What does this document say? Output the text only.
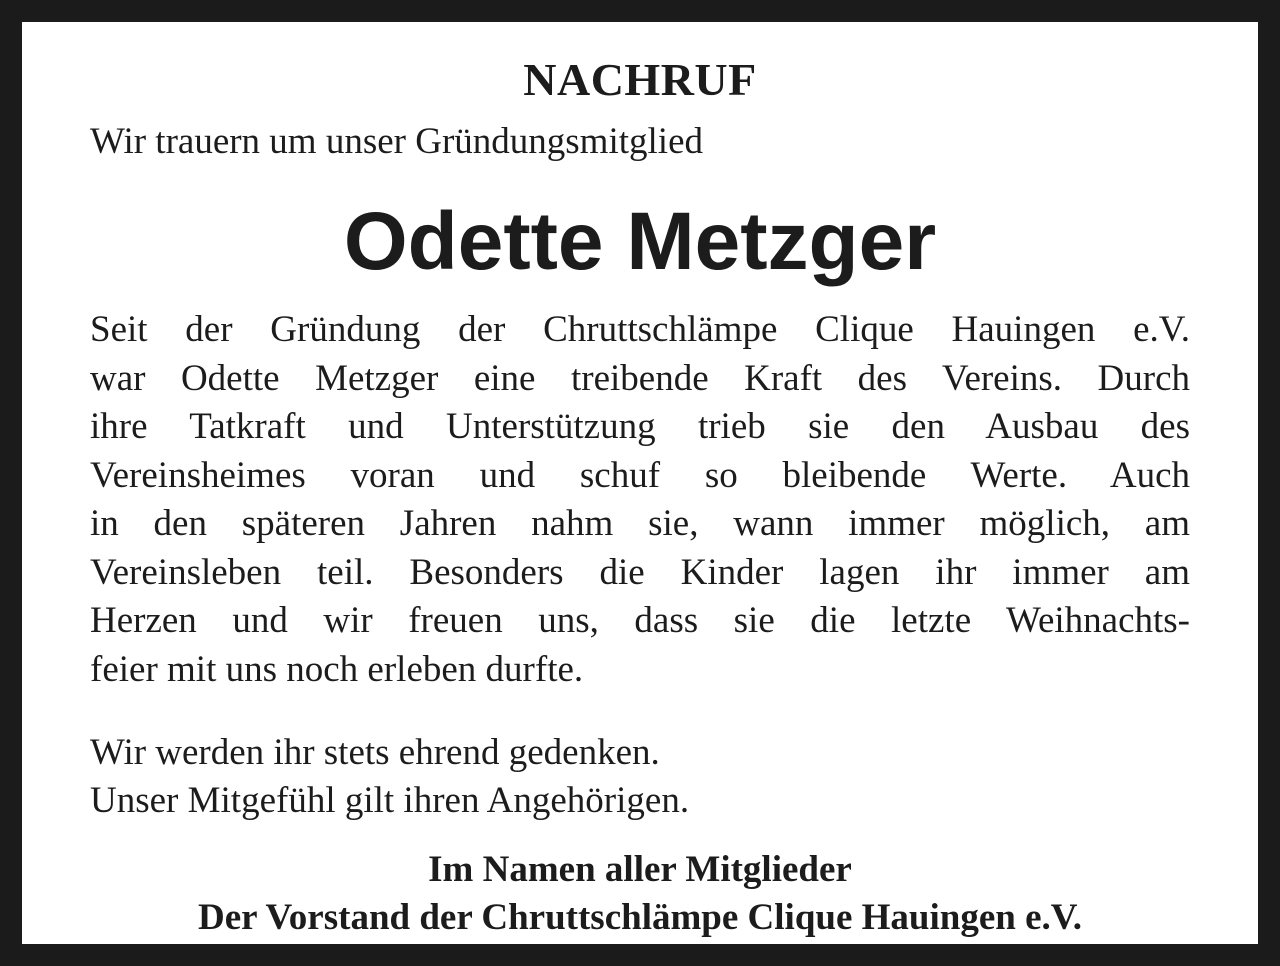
NACHRUF

Wir trauern um unser Gründungsmitglied

Odette Metzger
Seit der Gründung der Chruttschlämpe Clique Hauingen e.V.
war Odette Metzger eine treibende Kraft des Vereins. Durch
ihre Tatkraft und Unterstützung trieb sie den Ausbau des
Vereinsheimes voran und schuf so bleibende Werte. Auch
in den späteren Jahren nahm sie, wann immer möglich, am
Vereinsleben teil. Besonders die Kinder lagen ihr immer am
Herzen und wir freuen uns, dass sie die letzte Weihnachts-
feier mit uns noch erleben durfte.
Wir werden ihr stets ehrend gedenken.
Unser Mitgefühl gilt ihren Angehörigen.
Im Namen aller Mitglieder
Der Vorstand der Chruttschlämpe Clique Hauingen e.V.
